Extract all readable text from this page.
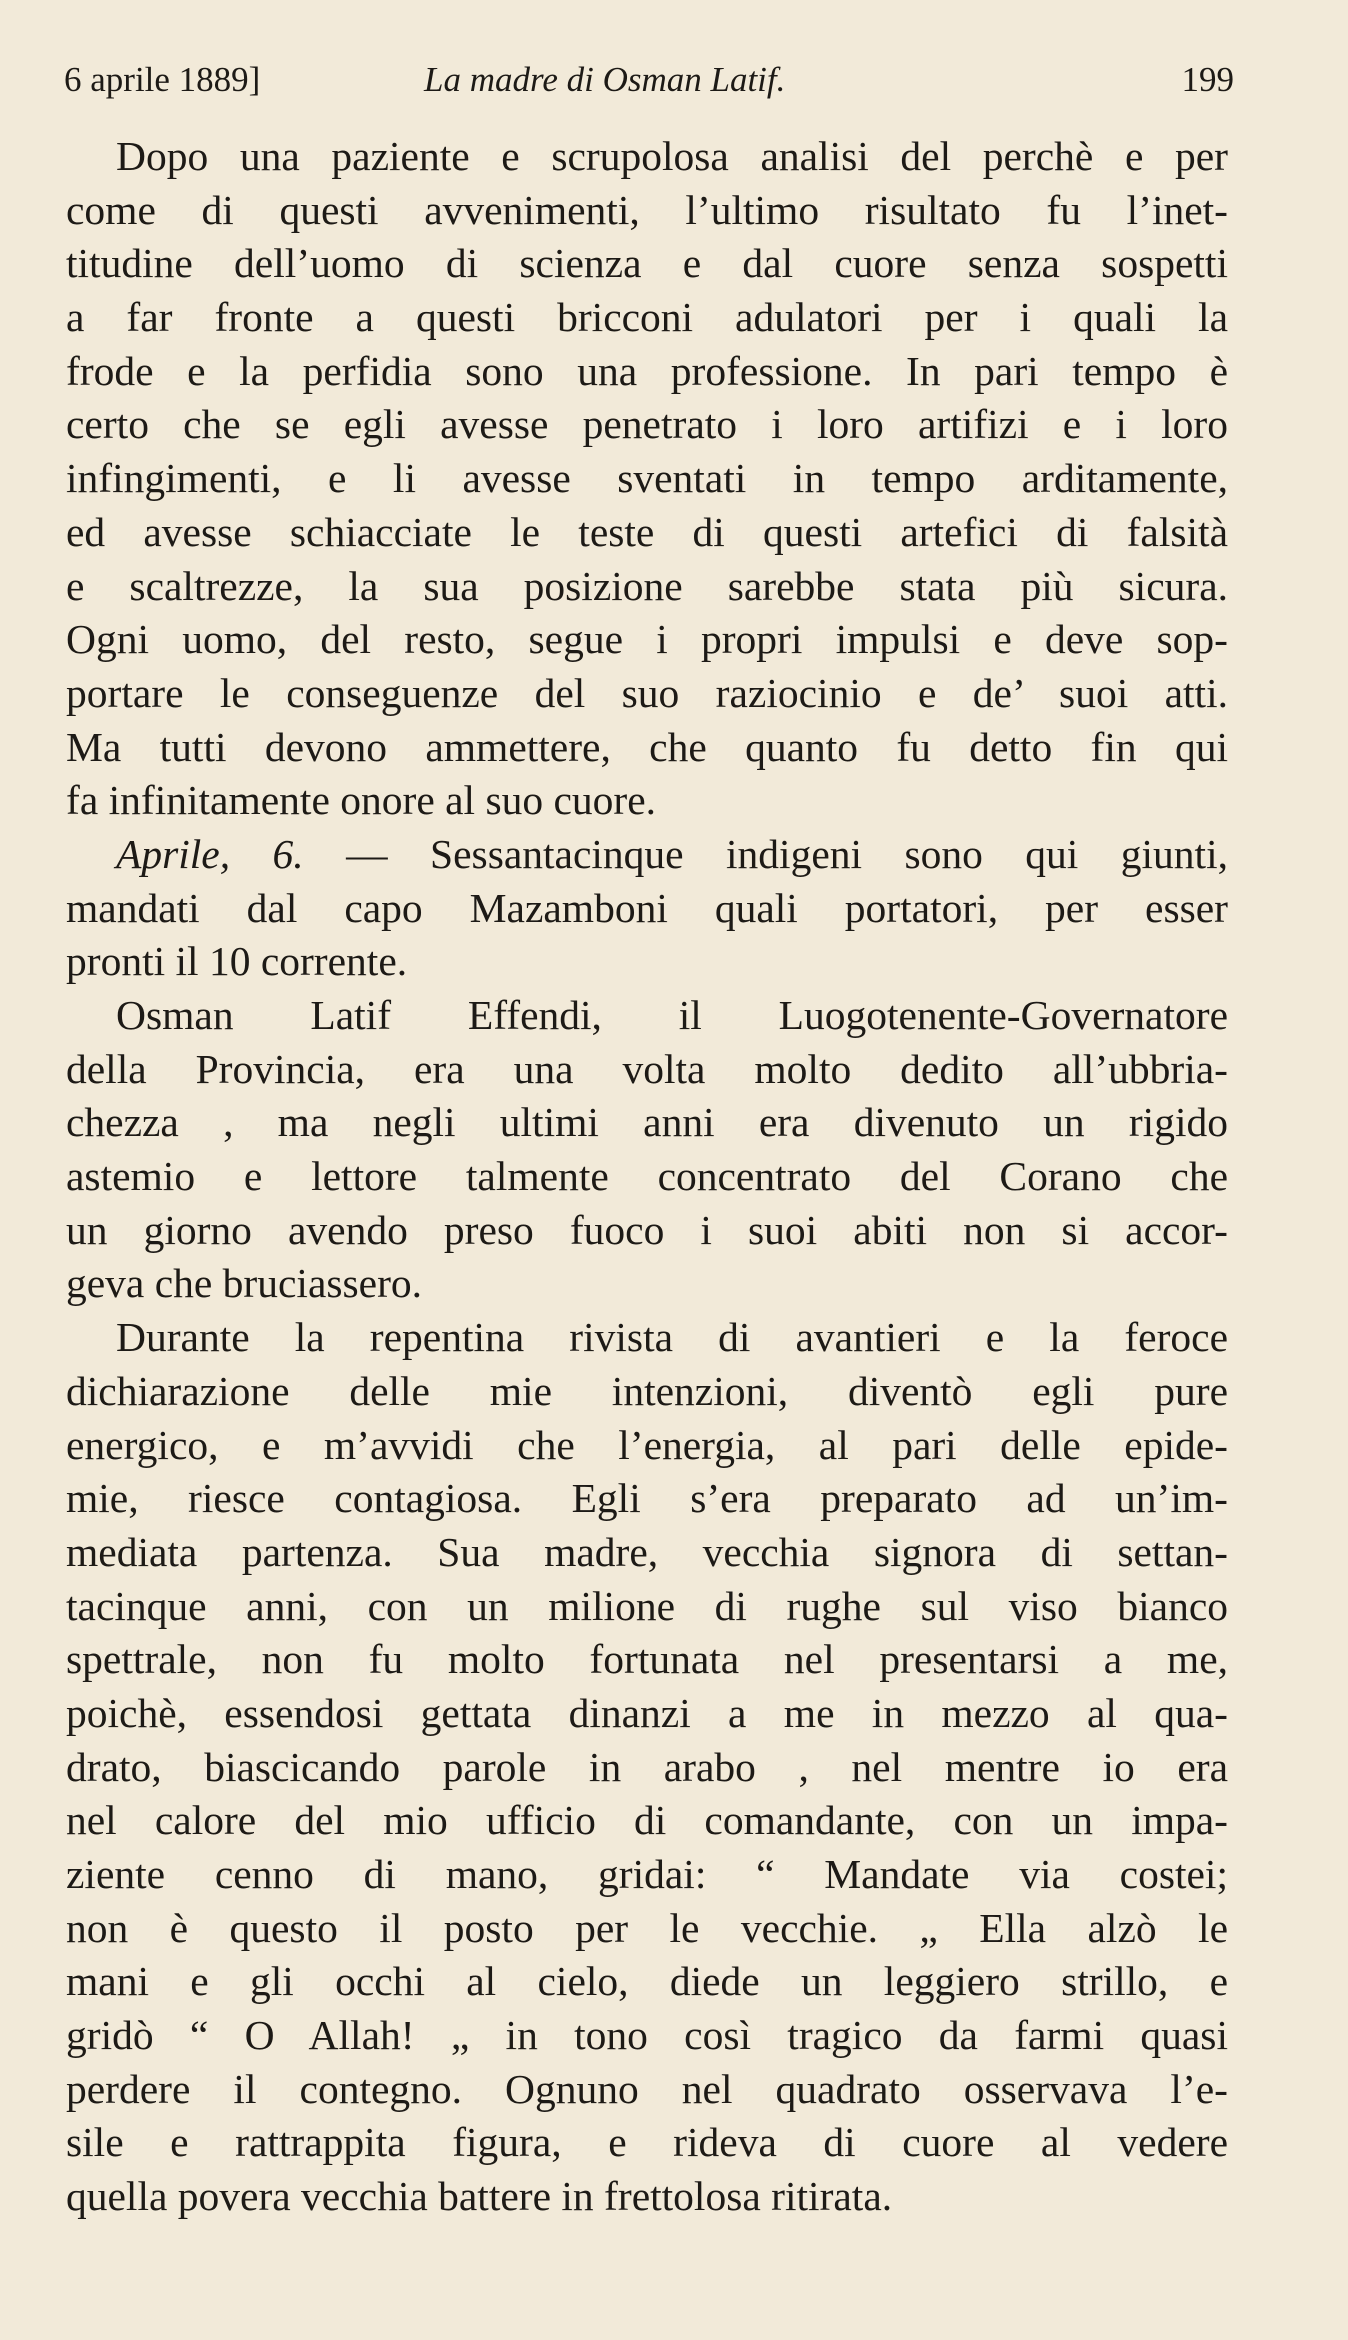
6 aprile 1889]	La madre di Osman Latif.	199
Dopo una paziente e scrupolosa analisi del perchè e per
come di questi avvenimenti, l’ultimo risultato fu l’inet-
titudine dell’uomo di scienza e dal cuore senza sospetti
a far fronte a questi bricconi adulatori per i quali la
frode e la perfidia sono una professione. In pari tempo è
certo che se egli avesse penetrato i loro artifizi e i loro
infingimenti, e li avesse sventati in tempo arditamente,
ed avesse schiacciate le teste di questi artefici di falsità
e scaltrezze, la sua posizione sarebbe stata più sicura.
Ogni uomo, del resto, segue i propri impulsi e deve sop-
portare le conseguenze del suo raziocinio e de’ suoi atti.
Ma tutti devono ammettere, che quanto fu detto fin qui
fa infinitamente onore al suo cuore.
Aprile, 6. — Sessantacinque indigeni sono qui giunti,
mandati dal capo Mazamboni quali portatori, per esser
pronti il 10 corrente.
Osman Latif Effendi, il Luogotenente-Governatore
della Provincia, era una volta molto dedito all’ubbria-
chezza , ma negli ultimi anni era divenuto un rigido
astemio e lettore talmente concentrato del Corano che
un giorno avendo preso fuoco i suoi abiti non si accor-
geva che bruciassero.
Durante la repentina rivista di avantieri e la feroce
dichiarazione delle mie intenzioni, diventò egli pure
energico, e m’avvidi che l’energia, al pari delle epide-
mie, riesce contagiosa. Egli s’era preparato ad un’im-
mediata partenza. Sua madre, vecchia signora di settan-
tacinque anni, con un milione di rughe sul viso bianco
spettrale, non fu molto fortunata nel presentarsi a me,
poichè, essendosi gettata dinanzi a me in mezzo al qua-
drato, biascicando parole in arabo , nel mentre io era
nel calore del mio ufficio di comandante, con un impa-
ziente cenno di mano, gridai: “ Mandate via costei;
non è questo il posto per le vecchie. „ Ella alzò le
mani e gli occhi al cielo, diede un leggiero strillo, e
gridò “ O Allah! „ in tono così tragico da farmi quasi
perdere il contegno. Ognuno nel quadrato osservava l’e-
sile e rattrappita figura, e rideva di cuore al vedere
quella povera vecchia battere in frettolosa ritirata.
